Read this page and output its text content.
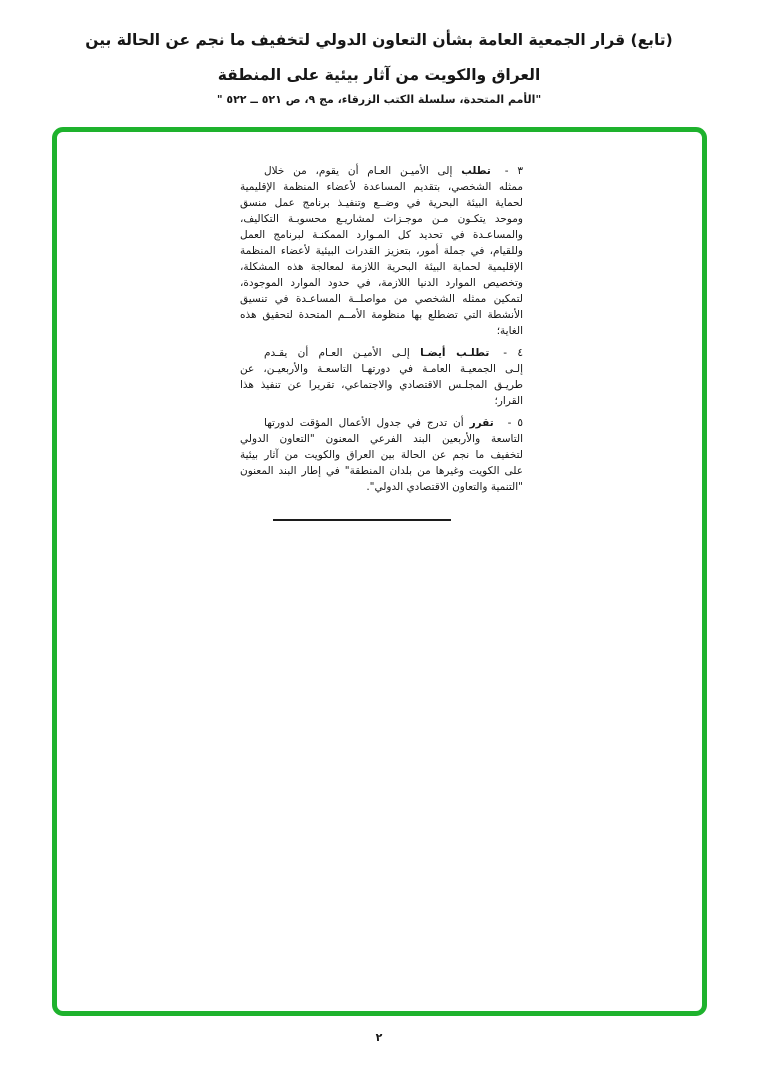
(تابع) قرار الجمعية العامة بشأن التعاون الدولي لتخفيف ما نجم عن الحالة بين
العراق والكويت من آثار بيئية على المنطقة
"الأمم المتحدة، سلسلة الكتب الزرقاء، مج ٩، ص ٥٢١ ــ ٥٢٢ "
٣ -تطلب إلى الأميـن العـام أن يقوم، من خلال
ممثله الشخصي، بتقديم المساعدة لأعضاء المنظمة الإقليمية
لحماية البيئة البحرية في وضــع وتنفيـذ برنامج عمل منسق
وموحد يتكـون مـن موجـزات لمشاريـع محسوبـة التكاليف،
والمساعـدة في تحديد كل المـوارد الممكنـة لبرنامج العمل
وللقيام، في جملة أمور، بتعزيز القدرات البيئية لأعضاء المنظمة
الإقليمية لحماية البيئة البحرية اللازمة لمعالجة هذه المشكلة،
وتخصيص الموارد الدنيا اللازمة، في حدود الموارد الموجودة،
لتمكين ممثله الشخصي من مواصلــة المساعـدة في تنسيق
الأنشطة التي تضطلع بها منظومة الأمــم المتحدة لتحقيق هذه
الغاية؛
٤ -تطلـب أيضـا إلـى الأميـن العـام أن يقـدم
إلـى الجمعيـة العامـة في دورتهـا التاسعـة والأربعيـن، عن
طريـق المجلـس الاقتصادي والاجتماعي، تقريرا عن تنفيذ هذا
القرار؛
٥ -تقرر أن تدرج في جدول الأعمال المؤقت لدورتها
التاسعة والأربعين البند الفرعي المعنون "التعاون الدولي
لتخفيف ما نجم عن الحالة بين العراق والكويت من آثار بيئية
على الكويت وغيرها من بلدان المنطقة" في إطار البند المعنون
"التنمية والتعاون الاقتصادي الدولي".
٢
